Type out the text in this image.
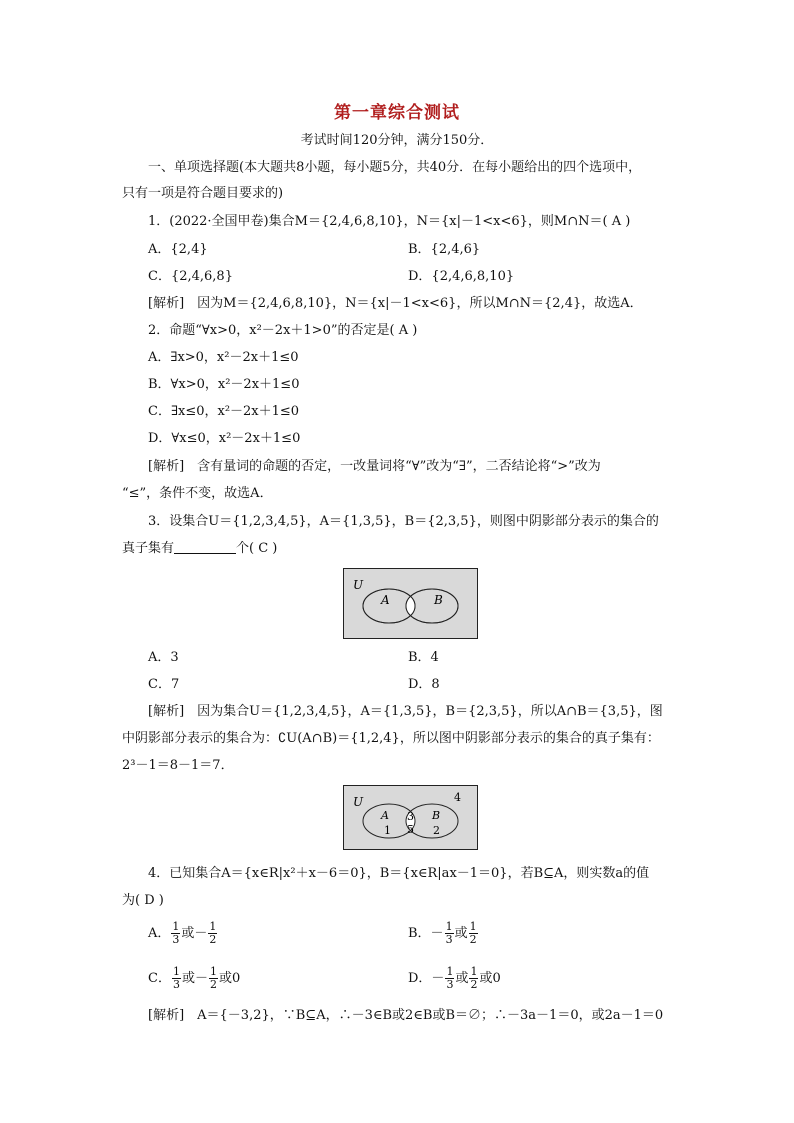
第一章综合测试
考试时间120分钟，满分150分．
一、单项选择题(本大题共8小题，每小题5分，共40分．在每小题给出的四个选项中，
只有一项是符合题目要求的)
1．(2022·全国甲卷)集合M＝{2,4,6,8,10}，N＝{x|－1<x<6}，则M∩N＝( A )
A．{2,4}	B．{2,4,6}
C．{2,4,6,8}	D．{2,4,6,8,10}
[解析]　因为M＝{2,4,6,8,10}，N＝{x|－1<x<6}，所以M∩N＝{2,4}，故选A．
2．命题“∀x>0，x²－2x＋1>0”的否定是( A )
A．∃x>0，x²－2x＋1≤0
B．∀x>0，x²－2x＋1≤0
C．∃x≤0，x²－2x＋1≤0
D．∀x≤0，x²－2x＋1≤0
[解析]　含有量词的命题的否定，一改量词将“∀”改为“∃”，二否结论将“>”改为
“≤”，条件不变，故选A．
3．设集合U＝{1,2,3,4,5}，A＝{1,3,5}，B＝{2,3,5}，则图中阴影部分表示的集合的
真子集有	个( C )
U
A	B
A．3	B．4
C．7	D．8
[解析]　因为集合U＝{1,2,3,4,5}，A＝{1,3,5}，B＝{2,3,5}，所以A∩B＝{3,5}，图
中阴影部分表示的集合为：∁U(A∩B)＝{1,2,4}，所以图中阴影部分表示的集合的真子集有：
2³－1＝8－1＝7．
U	4
A
1
3
5
B
2
4．已知集合A＝{x∈R|x²＋x－6＝0}，B＝{x∈R|ax－1＝0}，若B⊆A，则实数a的值
为( D )
A． $\frac{1}{3}$ 或－ $\frac{1}{2}$	B．－ $\frac{1}{3}$ 或 $\frac{1}{2}$
C． $\frac{1}{3}$ 或－ $\frac{1}{2}$ 或0	D．－ $\frac{1}{3}$ 或 $\frac{1}{2}$ 或0
[解析]　A＝{－3,2}，∵B⊆A，∴－3∈B或2∈B或B＝∅；∴－3a－1＝0，或2a－1＝0
